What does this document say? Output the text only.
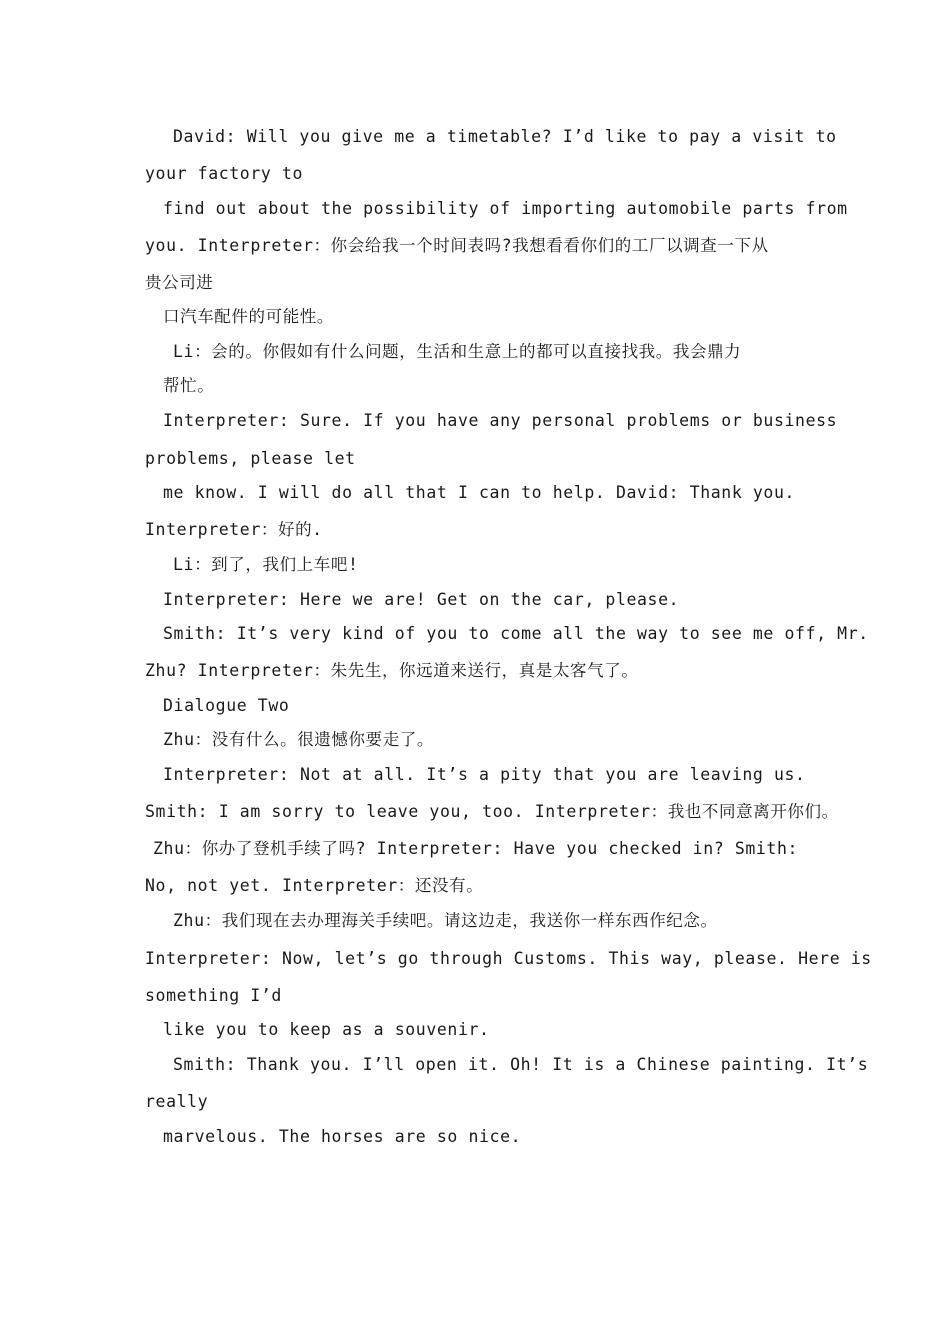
David: Will you give me a timetable? I’d like to pay a visit to
your factory to
find out about the possibility of importing automobile parts from
you. Interpreter：你会给我一个时间表吗?我想看看你们的工厂以调查一下从
贵公司进
口汽车配件的可能性。
Li：会的。你假如有什么问题，生活和生意上的都可以直接找我。我会鼎力
帮忙。
Interpreter: Sure. If you have any personal problems or business
problems, please let
me know. I will do all that I can to help. David: Thank you.
Interpreter：好的.
Li：到了，我们上车吧!
Interpreter: Here we are! Get on the car, please.
Smith: It’s very kind of you to come all the way to see me off, Mr.
Zhu? Interpreter：朱先生，你远道来送行，真是太客气了。
Dialogue Two
Zhu：没有什么。很遗憾你要走了。
Interpreter: Not at all. It’s a pity that you are leaving us.
Smith: I am sorry to leave you, too. Interpreter：我也不同意离开你们。
Zhu：你办了登机手续了吗? Interpreter: Have you checked in? Smith:
No, not yet. Interpreter：还没有。
Zhu：我们现在去办理海关手续吧。请这边走，我送你一样东西作纪念。
Interpreter: Now, let’s go through Customs. This way, please. Here is
something I’d
like you to keep as a souvenir.
Smith: Thank you. I’ll open it. Oh! It is a Chinese painting. It’s
really
marvelous. The horses are so nice.
